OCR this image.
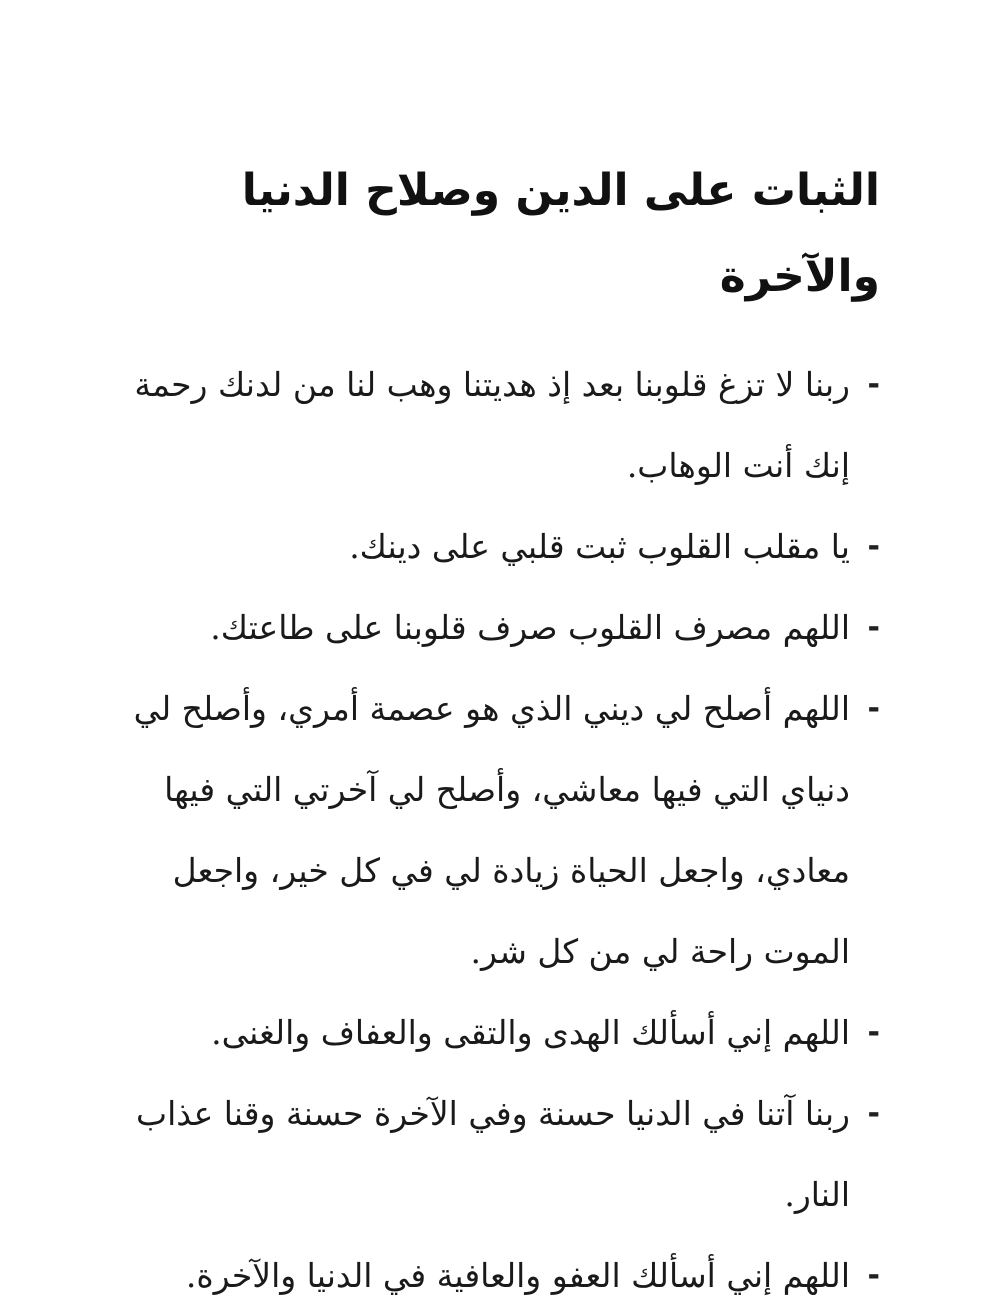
الثبات على الدين وصلاح الدنيا والآخرة
-
ربنا لا تزغ قلوبنا بعد إذ هديتنا وهب لنا من لدنك رحمة إنك أنت الوهاب.
-
يا مقلب القلوب ثبت قلبي على دينك.
-
اللهم مصرف القلوب صرف قلوبنا على طاعتك.
-
اللهم أصلح لي ديني الذي هو عصمة أمري، وأصلح لي دنياي التي فيها معاشي، وأصلح لي آخرتي التي فيها معادي، واجعل الحياة زيادة لي في كل خير، واجعل الموت راحة لي من كل شر.
-
اللهم إني أسألك الهدى والتقى والعفاف والغنى.
-
ربنا آتنا في الدنيا حسنة وفي الآخرة حسنة وقنا عذاب النار.
-
اللهم إني أسألك العفو والعافية في الدنيا والآخرة.
